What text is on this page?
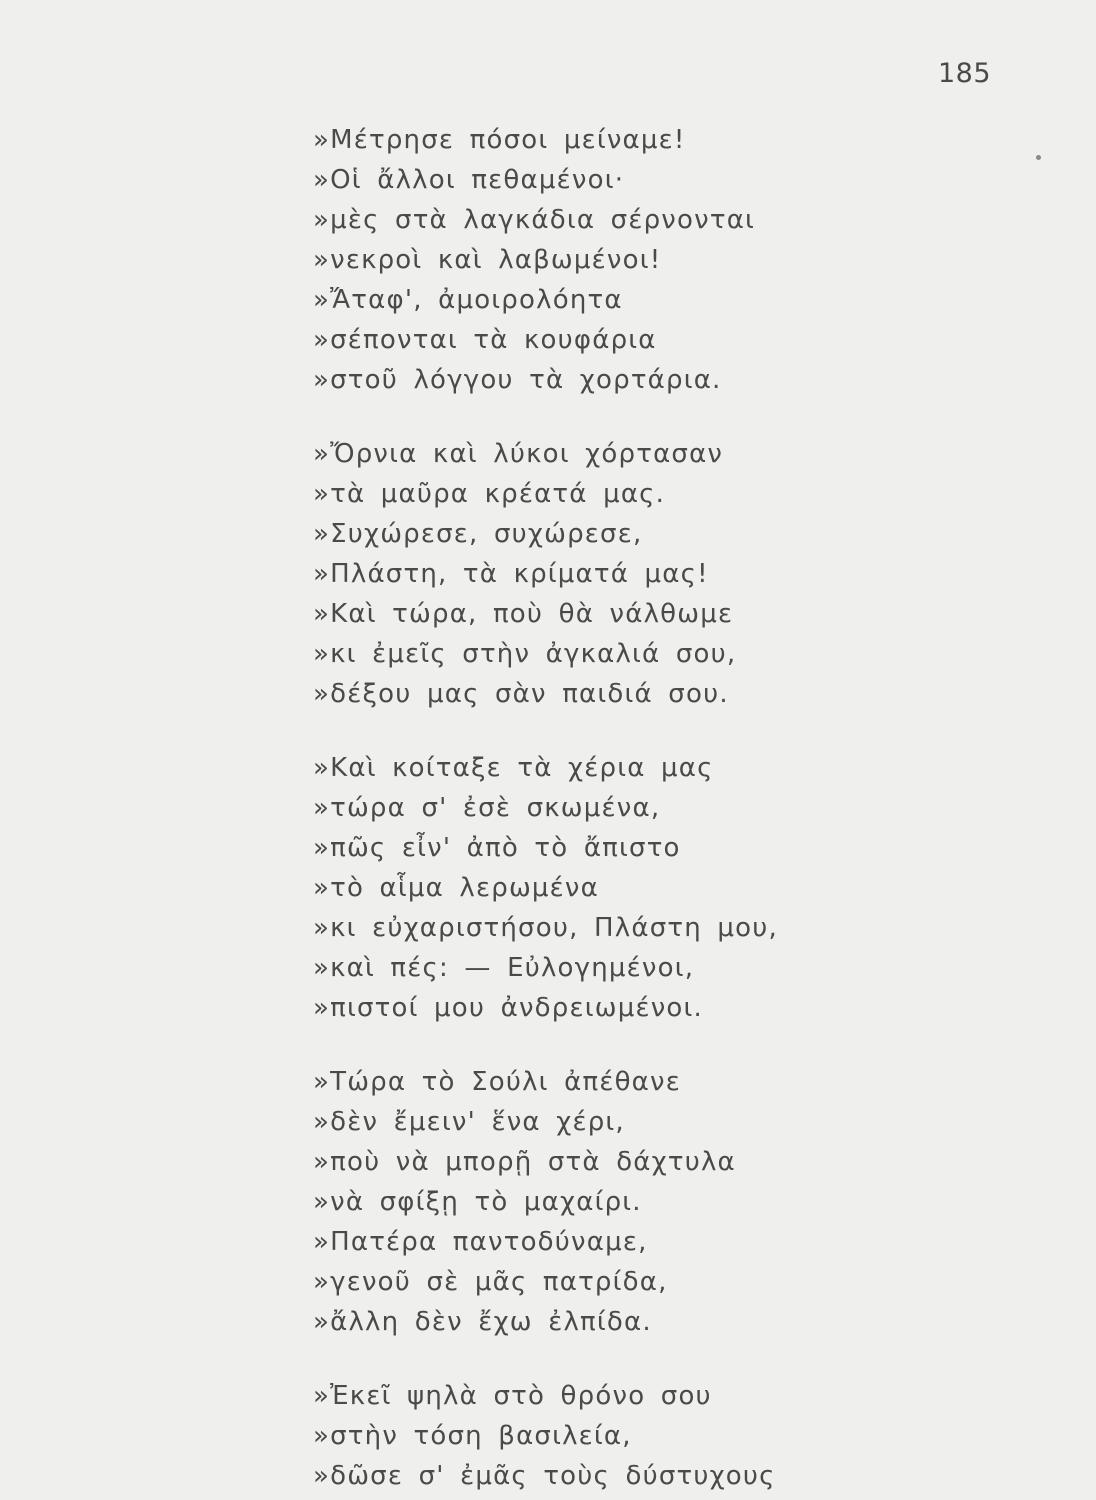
185
»Μέτρησε πόσοι μείναμε!
»Οἱ ἄλλοι πεθαμένοι·
»μὲς στὰ λαγκάδια σέρνονται
»νεκροὶ καὶ λαβωμένοι!
»Ἄταφ', ἀμοιρολόητα
»σέπονται τὰ κουφάρια
»στοῦ λόγγου τὰ χορτάρια.
»Ὄρνια καὶ λύκοι χόρτασαν
»τὰ μαῦρα κρέατά μας.
»Συχώρεσε, συχώρεσε,
»Πλάστη, τὰ κρίματά μας!
»Καὶ τώρα, ποὺ θὰ νάλθωμε
»κι ἐμεῖς στὴν ἀγκαλιά σου,
»δέξου μας σὰν παιδιά σου.
»Καὶ κοίταξε τὰ χέρια μας
»τώρα σ' ἐσὲ σκωμένα,
»πῶς εἶν' ἀπὸ τὸ ἄπιστο
»τὸ αἷμα λερωμένα
»κι εὐχαριστήσου, Πλάστη μου,
»καὶ πές: — Εὐλογημένοι,
»πιστοί μου ἀνδρειωμένοι.
»Τώρα τὸ Σούλι ἀπέθανε
»δὲν ἔμειν' ἕνα χέρι,
»ποὺ νὰ μπορῇ στὰ δάχτυλα
»νὰ σφίξῃ τὸ μαχαίρι.
»Πατέρα παντοδύναμε,
»γενοῦ σὲ μᾶς πατρίδα,
»ἄλλη δὲν ἔχω ἐλπίδα.
»Ἐκεῖ ψηλὰ στὸ θρόνο σου
»στὴν τόση βασιλεία,
»δῶσε σ' ἐμᾶς τοὺς δύστυχους
